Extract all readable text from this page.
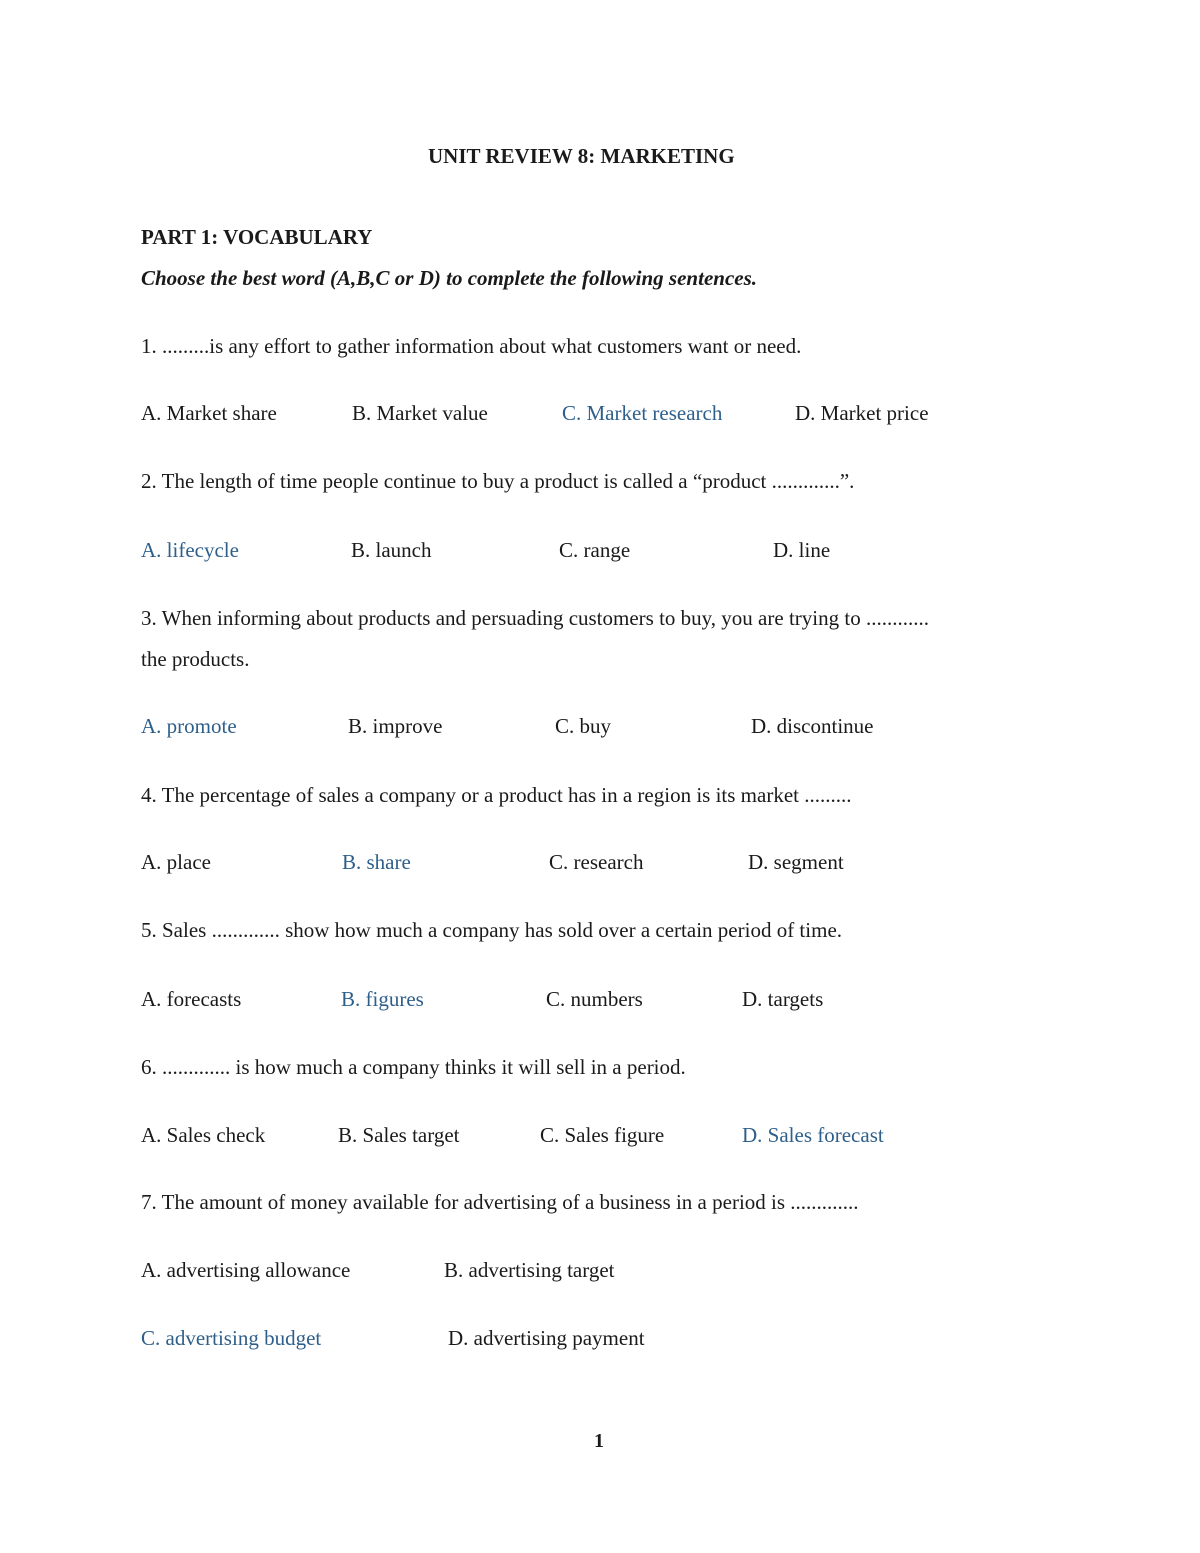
UNIT REVIEW 8: MARKETING
PART 1: VOCABULARY
Choose the best word (A,B,C or D) to complete the following sentences.
1. .........is any effort to gather information about what customers want or need.
A. Market share	B. Market value	C. Market research	D. Market price
2. The length of time people continue to buy a product is called a “product .............”.
A. lifecycle	B. launch	C. range	D. line
3. When informing about products and persuading customers to buy, you are trying to ............
the products.
A. promote	B. improve	C. buy	D. discontinue
4. The percentage of sales a company or a product has in a region is its market .........
A. place	B. share	C. research	D. segment
5. Sales ............. show how much a company has sold over a certain period of time.
A. forecasts	B. figures	C. numbers	D. targets
6. ............. is how much a company thinks it will sell in a period.
A. Sales check	B. Sales target	C. Sales figure	D. Sales forecast
7. The amount of money available for advertising of a business in a period is .............
A. advertising allowance	B. advertising target
C. advertising budget	D. advertising payment
1
